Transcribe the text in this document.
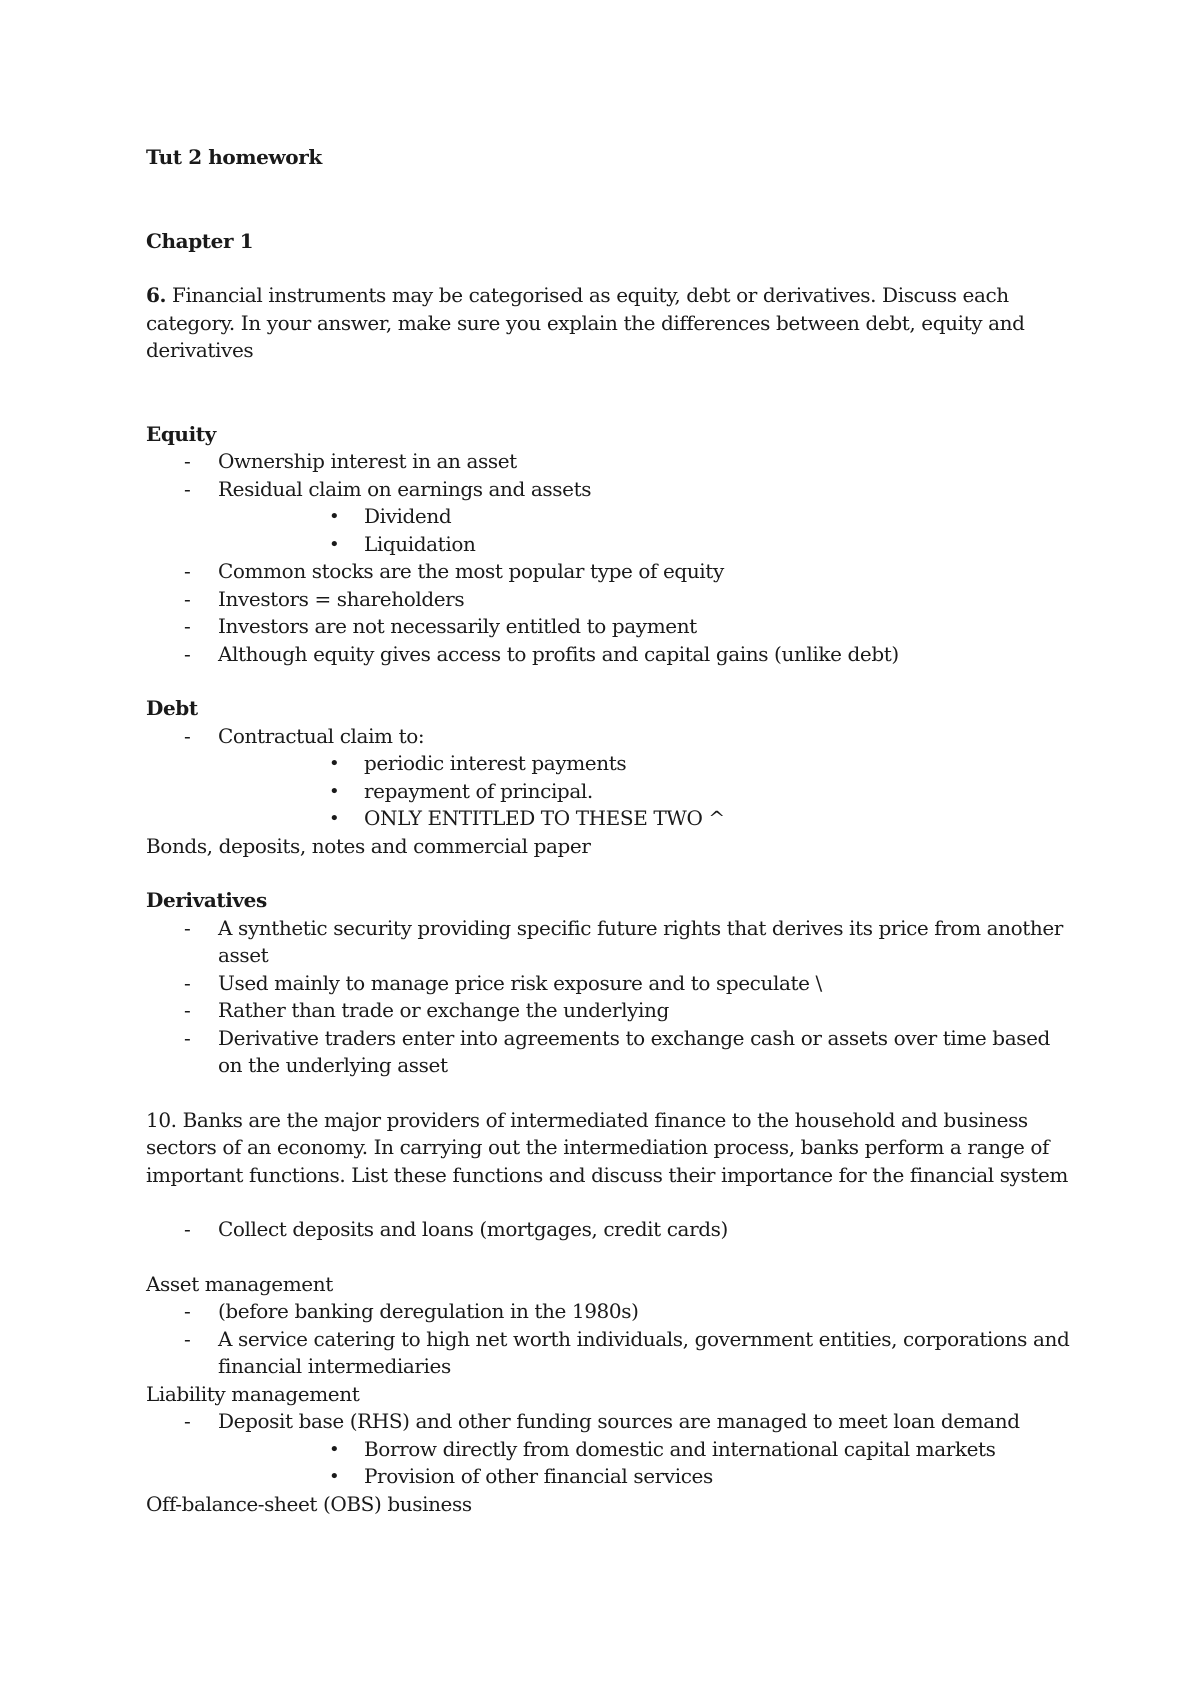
Tut 2 homework

Chapter 1

6. Financial instruments may be categorised as equity, debt or derivatives. Discuss each category. In your answer, make sure you explain the differences between debt, equity and derivatives

Equity

- Ownership interest in an asset
- Residual claim on earnings and assets
• Dividend
• Liquidation
- Common stocks are the most popular type of equity
- Investors = shareholders
- Investors are not necessarily entitled to payment
- Although equity gives access to profits and capital gains (unlike debt)

Debt

- Contractual claim to:
• periodic interest payments
• repayment of principal.
• ONLY ENTITLED TO THESE TWO ^

Bonds, deposits, notes and commercial paper

Derivatives

- A synthetic security providing specific future rights that derives its price from another asset
- Used mainly to manage price risk exposure and to speculate \
- Rather than trade or exchange the underlying
- Derivative traders enter into agreements to exchange cash or assets over time based on the underlying asset

10. Banks are the major providers of intermediated finance to the household and business sectors of an economy. In carrying out the intermediation process, banks perform a range of important functions. List these functions and discuss their importance for the financial system

- Collect deposits and loans (mortgages, credit cards)

Asset management

- (before banking deregulation in the 1980s)
- A service catering to high net worth individuals, government entities, corporations and financial intermediaries

Liability management

- Deposit base (RHS) and other funding sources are managed to meet loan demand
• Borrow directly from domestic and international capital markets
• Provision of other financial services

Off-balance-sheet (OBS) business
